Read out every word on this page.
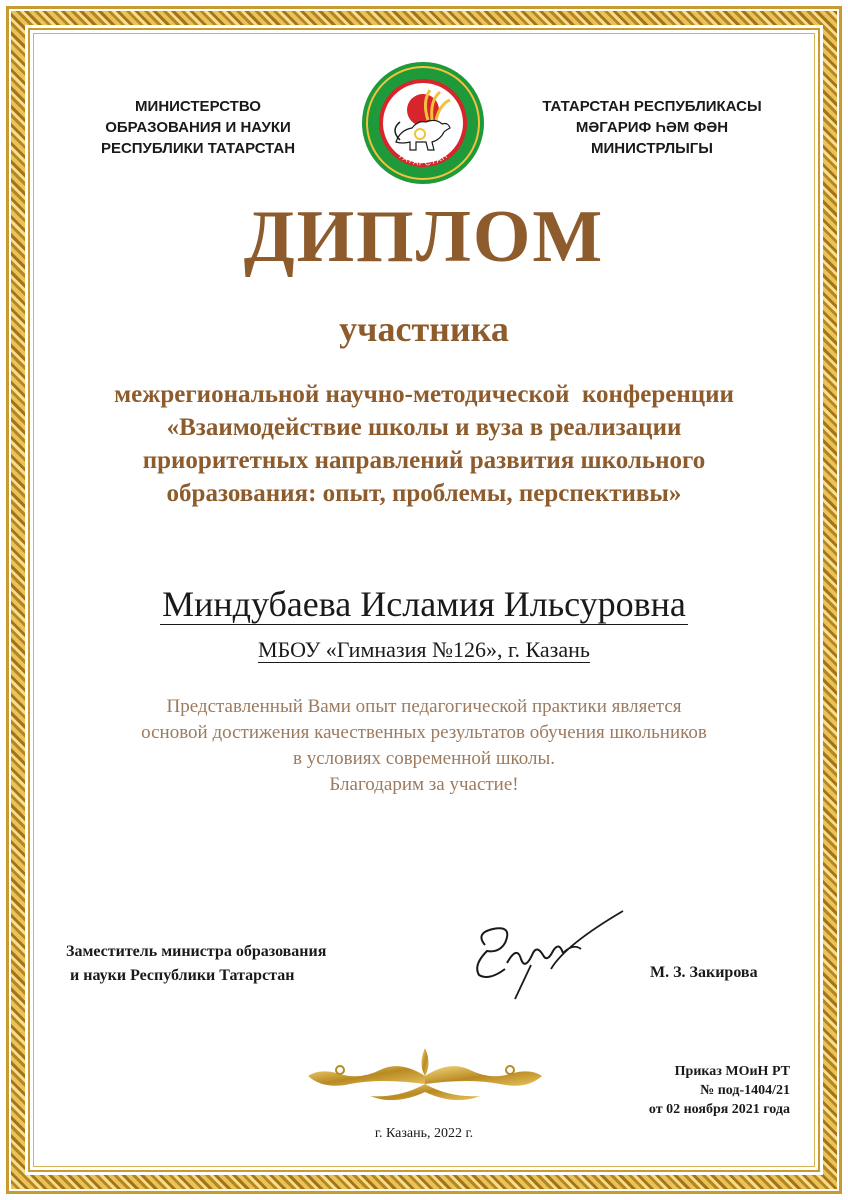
МИНИСТЕРСТВО
ОБРАЗОВАНИЯ И НАУКИ
РЕСПУБЛИКИ ТАТАРСТАН	ТАТАРСТАН
ТАТАРСТАН РЕСПУБЛИКАСЫ
МӘГАРИФ ҺӘМ ФӘН
МИНИСТРЛЫГЫ
ДИПЛОМ
участника
межрегиональной научно-методической  конференции
«Взаимодействие школы и вуза в реализации
приоритетных направлений развития школьного
образования: опыт, проблемы, перспективы»
Миндубаева Исламия Ильсуровна
МБОУ «Гимназия №126», г. Казань
Представленный Вами опыт педагогической практики является
основой достижения качественных результатов обучения школьников
в условиях современной школы.
Благодарим за участие!
Заместитель министра образования
и науки Республики Татарстан	М. З. Закирова
Приказ МОиН РТ
№ под-1404/21
от 02 ноября 2021 года
г. Казань, 2022 г.
